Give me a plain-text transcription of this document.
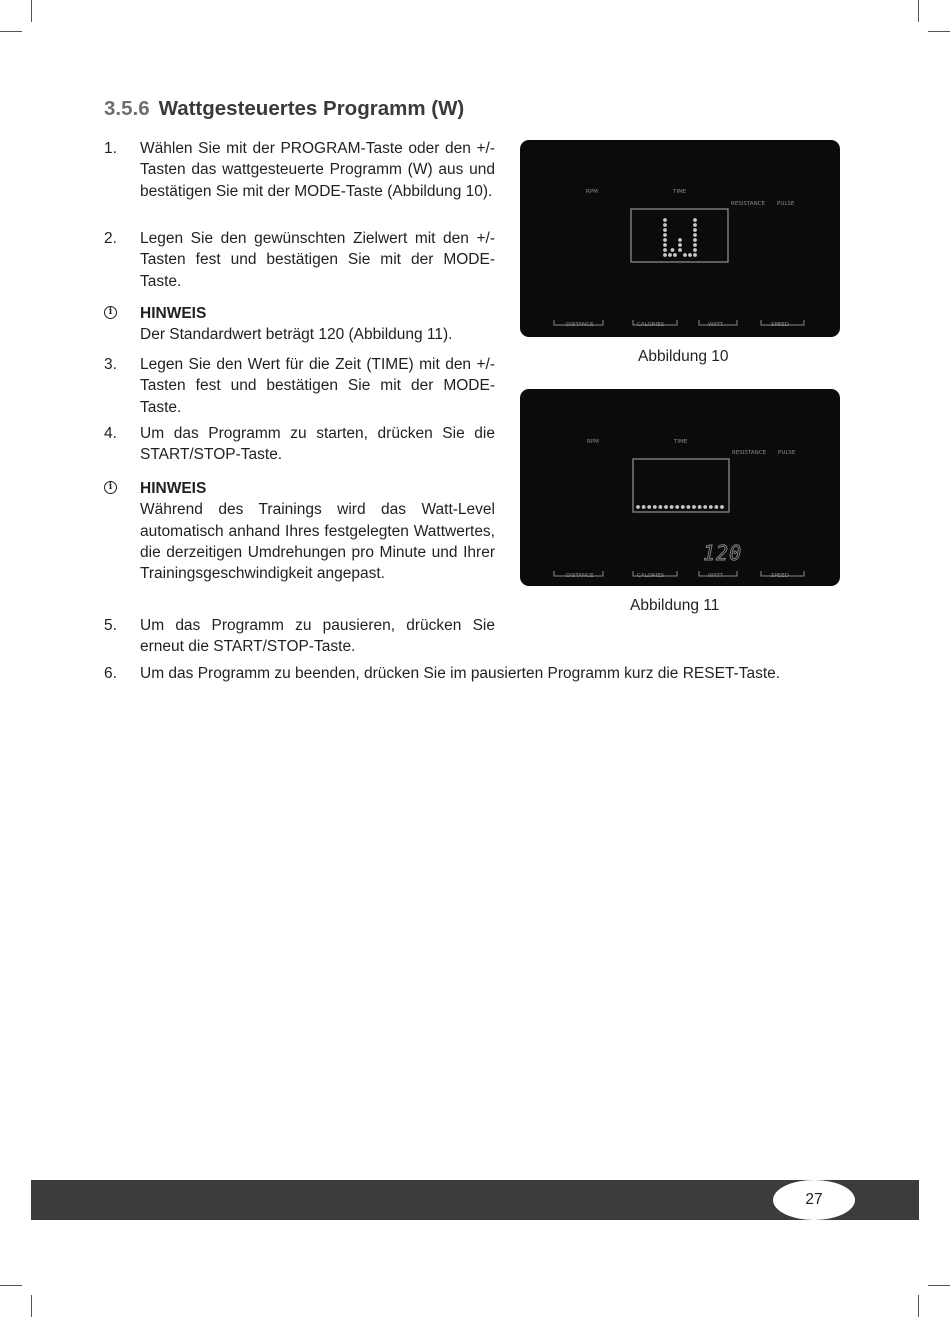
3.5.6 Wattgesteuertes Programm (W)
1. Wählen Sie mit der PROGRAM-Taste oder den +/- Tasten das wattgesteuerte Programm (W) aus und bestätigen Sie mit der MODE-Taste (Abbildung 10).
2. Legen Sie den gewünschten Zielwert mit den +/- Tasten fest und bestätigen Sie mit der MODE-Taste.
i	HINWEIS
Der Standardwert beträgt 120 (Abbildung 11).
3. Legen Sie den Wert für die Zeit (TIME) mit den +/- Tasten fest und bestätigen Sie mit der MODE-Taste.
4. Um das Programm zu starten, drücken Sie die START/STOP-Taste.
i	HINWEIS
Während des Trainings wird das Watt-Level automatisch anhand Ihres festgelegten Wattwertes, die derzeitigen Umdrehungen pro Minute und Ihrer Trainingsgeschwindigkeit angepast.
5. Um das Programm zu pausieren, drücken Sie erneut die START/STOP-Taste.
6. Um das Programm zu beenden, drücken Sie im pausierten Programm kurz die RESET-Taste.
RPM	TIME
RESISTANCE PULSE
DISTANCE	CALORIES	WATT	SPEED
Abbildung 10
RPM	TIME
RESISTANCE PULSE
120
DISTANCE	CALORIES	WATT	SPEED
Abbildung 11
27
